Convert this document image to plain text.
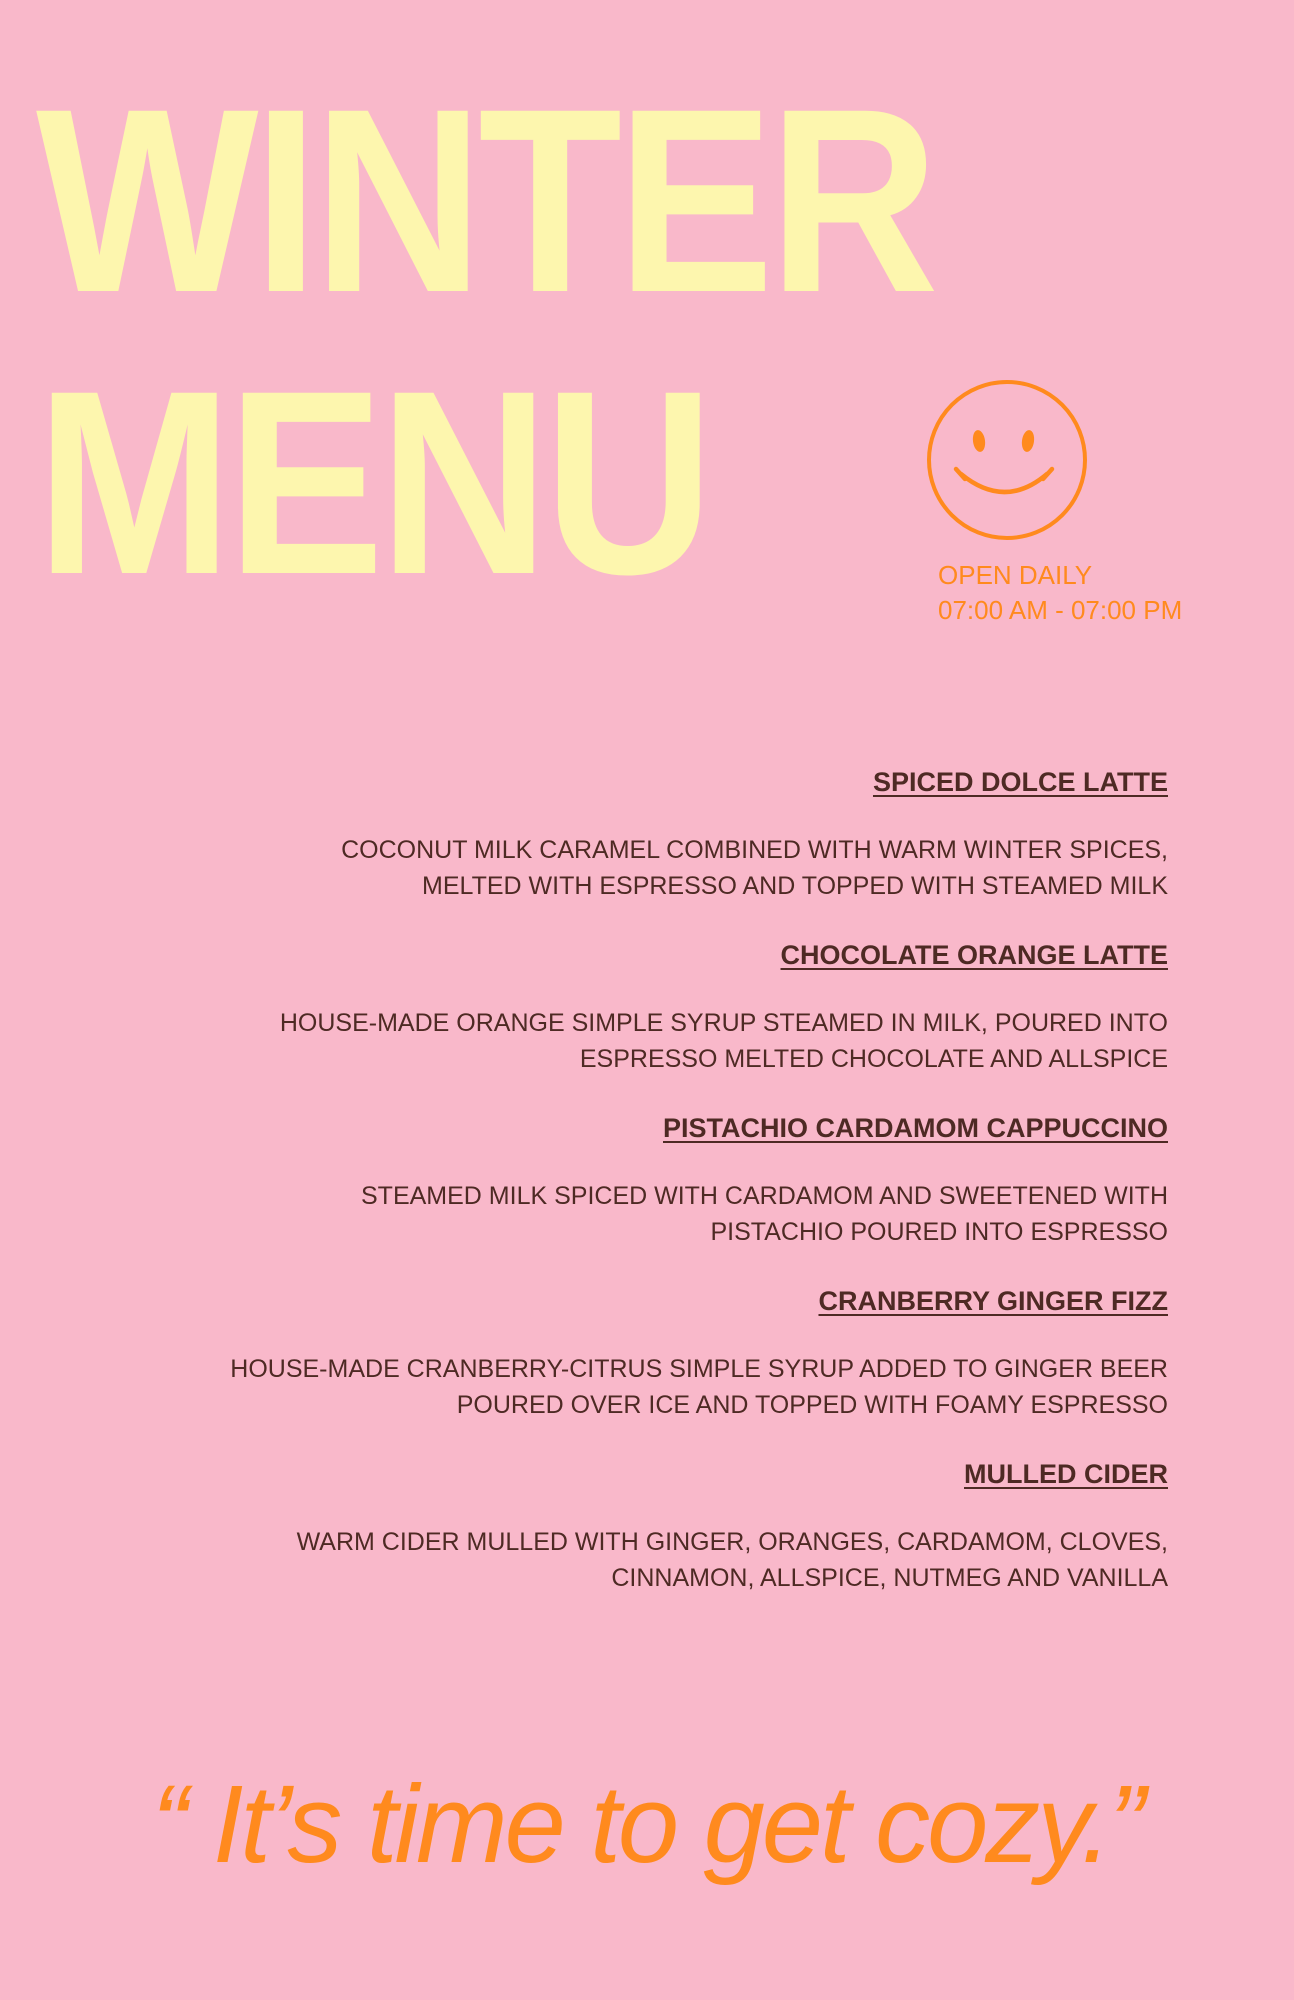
WINTER
MENU	OPEN DAILY
07:00 AM - 07:00 PM
SPICED DOLCE LATTE
COCONUT MILK CARAMEL COMBINED WITH WARM WINTER SPICES,
MELTED WITH ESPRESSO AND TOPPED WITH STEAMED MILK
CHOCOLATE ORANGE LATTE
HOUSE-MADE ORANGE SIMPLE SYRUP STEAMED IN MILK, POURED INTO
ESPRESSO MELTED CHOCOLATE AND ALLSPICE
PISTACHIO CARDAMOM CAPPUCCINO
STEAMED MILK SPICED WITH CARDAMOM AND SWEETENED WITH
PISTACHIO POURED INTO ESPRESSO
CRANBERRY GINGER FIZZ
HOUSE-MADE CRANBERRY-CITRUS SIMPLE SYRUP ADDED TO GINGER BEER
POURED OVER ICE AND TOPPED WITH FOAMY ESPRESSO
MULLED CIDER
WARM CIDER MULLED WITH GINGER, ORANGES, CARDAMOM, CLOVES,
CINNAMON, ALLSPICE, NUTMEG AND VANILLA
“ It’s time to get cozy.”
